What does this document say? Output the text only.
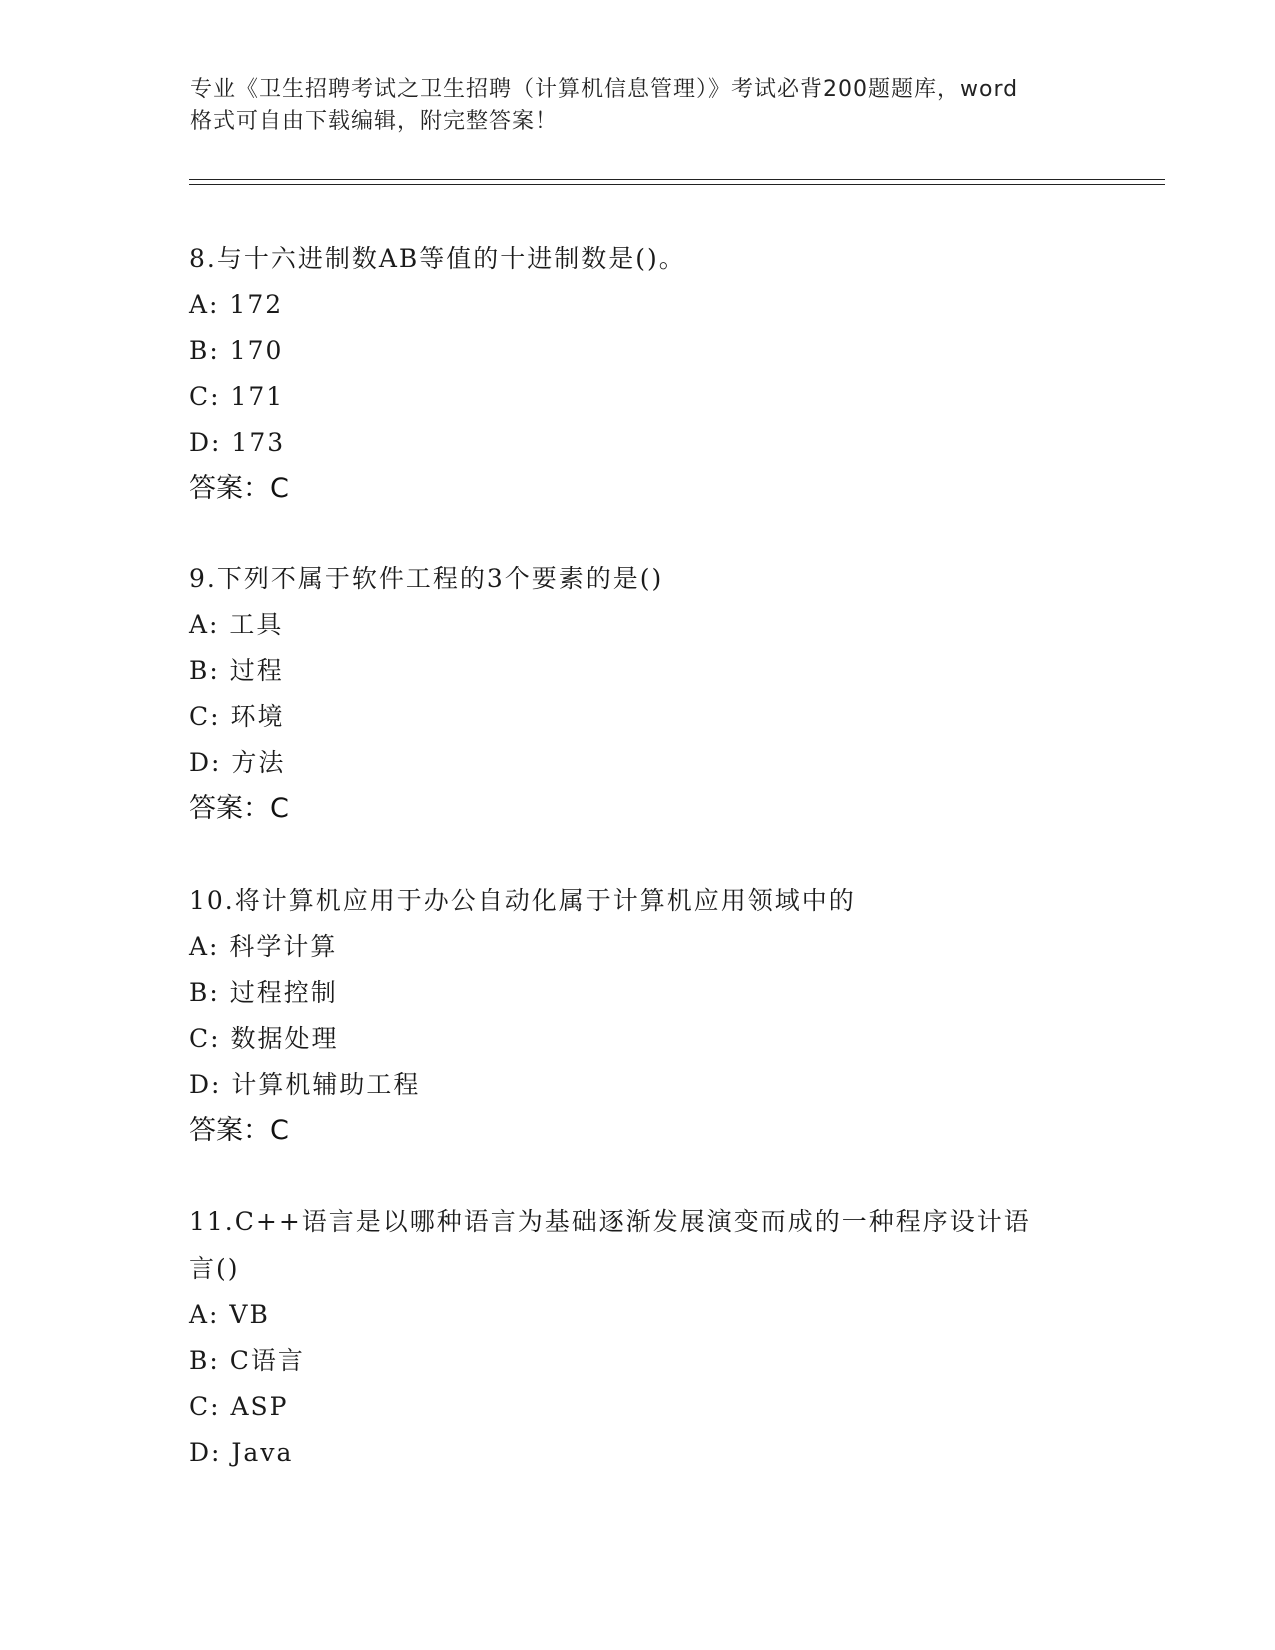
专业《卫生招聘考试之卫生招聘（计算机信息管理）》考试必背200题题库，word
格式可自由下载编辑，附完整答案！

8.与十六进制数AB等值的十进制数是()。

A: 172

B: 170

C: 171

D: 173

答案：C

9.下列不属于软件工程的3个要素的是()

A: 工具

B: 过程

C: 环境

D: 方法

答案：C

10.将计算机应用于办公自动化属于计算机应用领域中的

A: 科学计算

B: 过程控制

C: 数据处理

D: 计算机辅助工程

答案：C

11.C++语言是以哪种语言为基础逐渐发展演变而成的一种程序设计语言()

A: VB

B: C语言

C: ASP

D: Java
